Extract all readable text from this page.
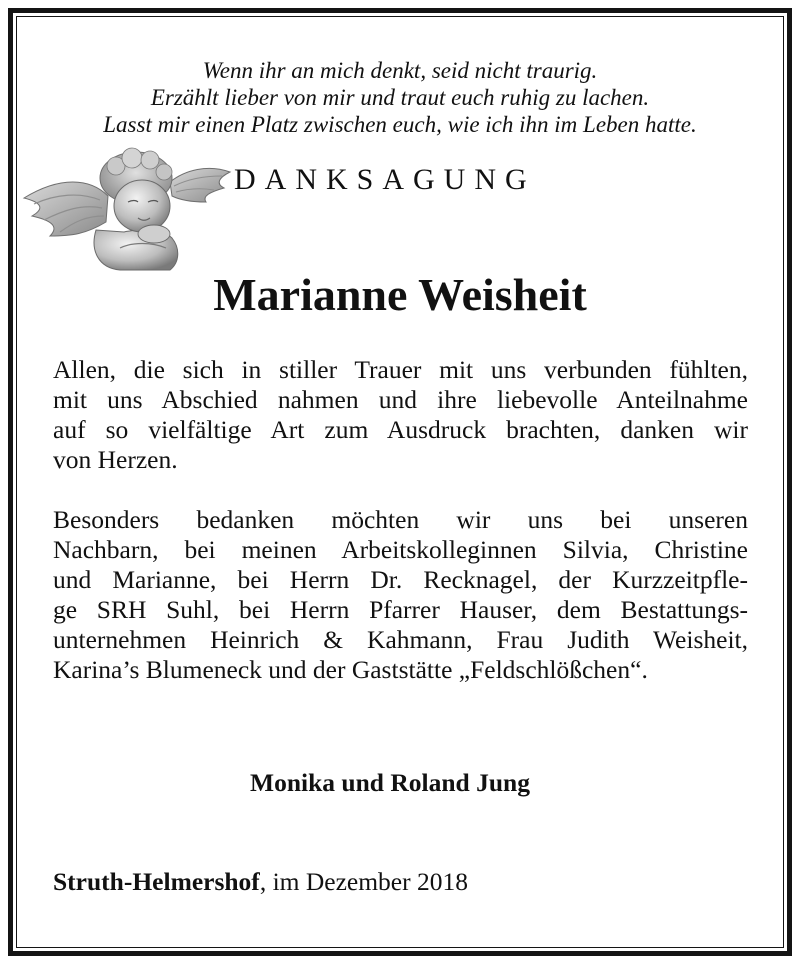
Wenn ihr an mich denkt, seid nicht traurig.
Erzählt lieber von mir und traut euch ruhig zu lachen.
Lasst mir einen Platz zwischen euch, wie ich ihn im Leben hatte.
DANKSAGUNG
Marianne Weisheit
Allen, die sich in stiller Trauer mit uns verbunden fühlten,
mit uns Abschied nahmen und ihre liebevolle Anteilnahme
auf so vielfältige Art zum Ausdruck brachten, danken wir
von Herzen.
Besonders bedanken möchten wir uns bei unseren
Nachbarn, bei meinen Arbeitskolleginnen Silvia, Christine
und Marianne, bei Herrn Dr. Recknagel, der Kurzzeitpfle-
ge SRH Suhl, bei Herrn Pfarrer Hauser, dem Bestattungs-
unternehmen Heinrich & Kahmann, Frau Judith Weisheit,
Karina’s Blumeneck und der Gaststätte „Feldschlößchen“.
Monika und Roland Jung
Struth-Helmershof, im Dezember 2018
